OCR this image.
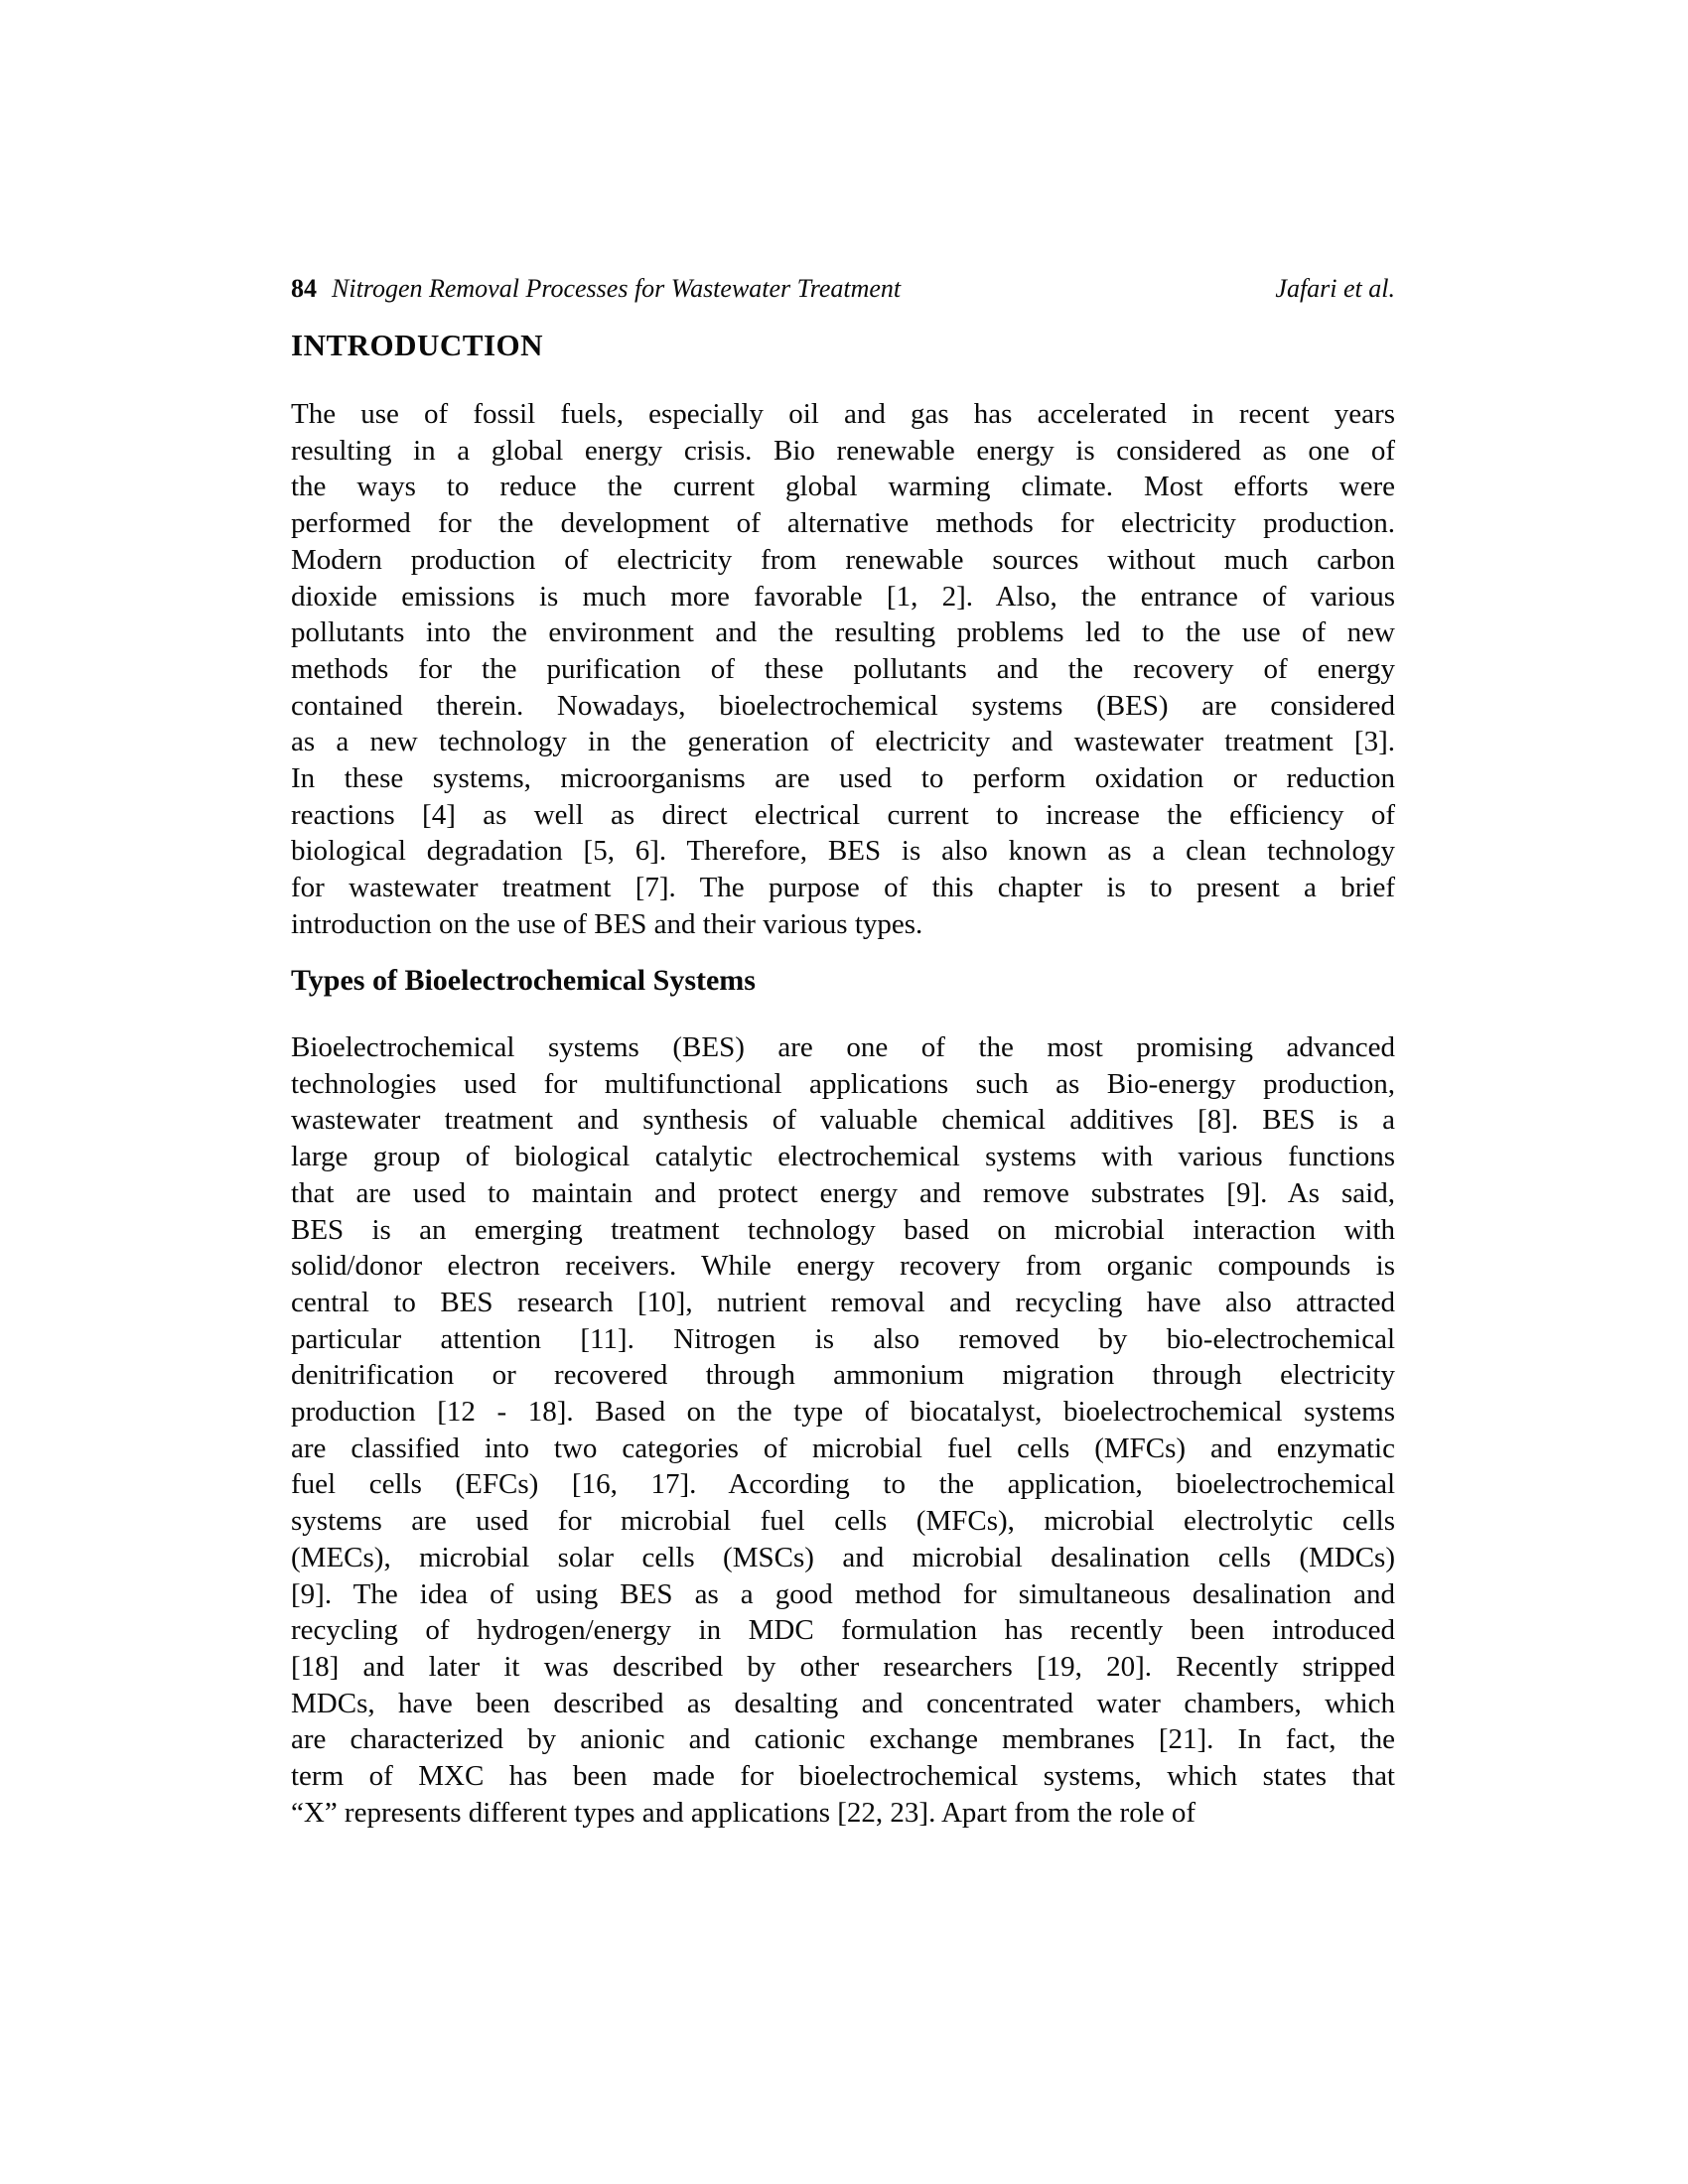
84 Nitrogen Removal Processes for Wastewater Treatment	Jafari et al.
INTRODUCTION
The use of fossil fuels, especially oil and gas has accelerated in recent years
resulting in a global energy crisis. Bio renewable energy is considered as one of
the ways to reduce the current global warming climate. Most efforts were
performed for the development of alternative methods for electricity production.
Modern production of electricity from renewable sources without much carbon
dioxide emissions is much more favorable [1, 2]. Also, the entrance of various
pollutants into the environment and the resulting problems led to the use of new
methods for the purification of these pollutants and the recovery of energy
contained therein. Nowadays, bioelectrochemical systems (BES) are considered
as a new technology in the generation of electricity and wastewater treatment [3].
In these systems, microorganisms are used to perform oxidation or reduction
reactions [4] as well as direct electrical current to increase the efficiency of
biological degradation [5, 6]. Therefore, BES is also known as a clean technology
for wastewater treatment [7]. The purpose of this chapter is to present a brief
introduction on the use of BES and their various types.
Types of Bioelectrochemical Systems
Bioelectrochemical systems (BES) are one of the most promising advanced
technologies used for multifunctional applications such as Bio-energy production,
wastewater treatment and synthesis of valuable chemical additives [8]. BES is a
large group of biological catalytic electrochemical systems with various functions
that are used to maintain and protect energy and remove substrates [9]. As said,
BES is an emerging treatment technology based on microbial interaction with
solid/donor electron receivers. While energy recovery from organic compounds is
central to BES research [10], nutrient removal and recycling have also attracted
particular attention [11]. Nitrogen is also removed by bio-electrochemical
denitrification or recovered through ammonium migration through electricity
production [12 - 18]. Based on the type of biocatalyst, bioelectrochemical systems
are classified into two categories of microbial fuel cells (MFCs) and enzymatic
fuel cells (EFCs) [16, 17]. According to the application, bioelectrochemical
systems are used for microbial fuel cells (MFCs), microbial electrolytic cells
(MECs), microbial solar cells (MSCs) and microbial desalination cells (MDCs)
[9]. The idea of using BES as a good method for simultaneous desalination and
recycling of hydrogen/energy in MDC formulation has recently been introduced
[18] and later it was described by other researchers [19, 20]. Recently stripped
MDCs, have been described as desalting and concentrated water chambers, which
are characterized by anionic and cationic exchange membranes [21]. In fact, the
term of MXC has been made for bioelectrochemical systems, which states that
“X” represents different types and applications [22, 23]. Apart from the role of
